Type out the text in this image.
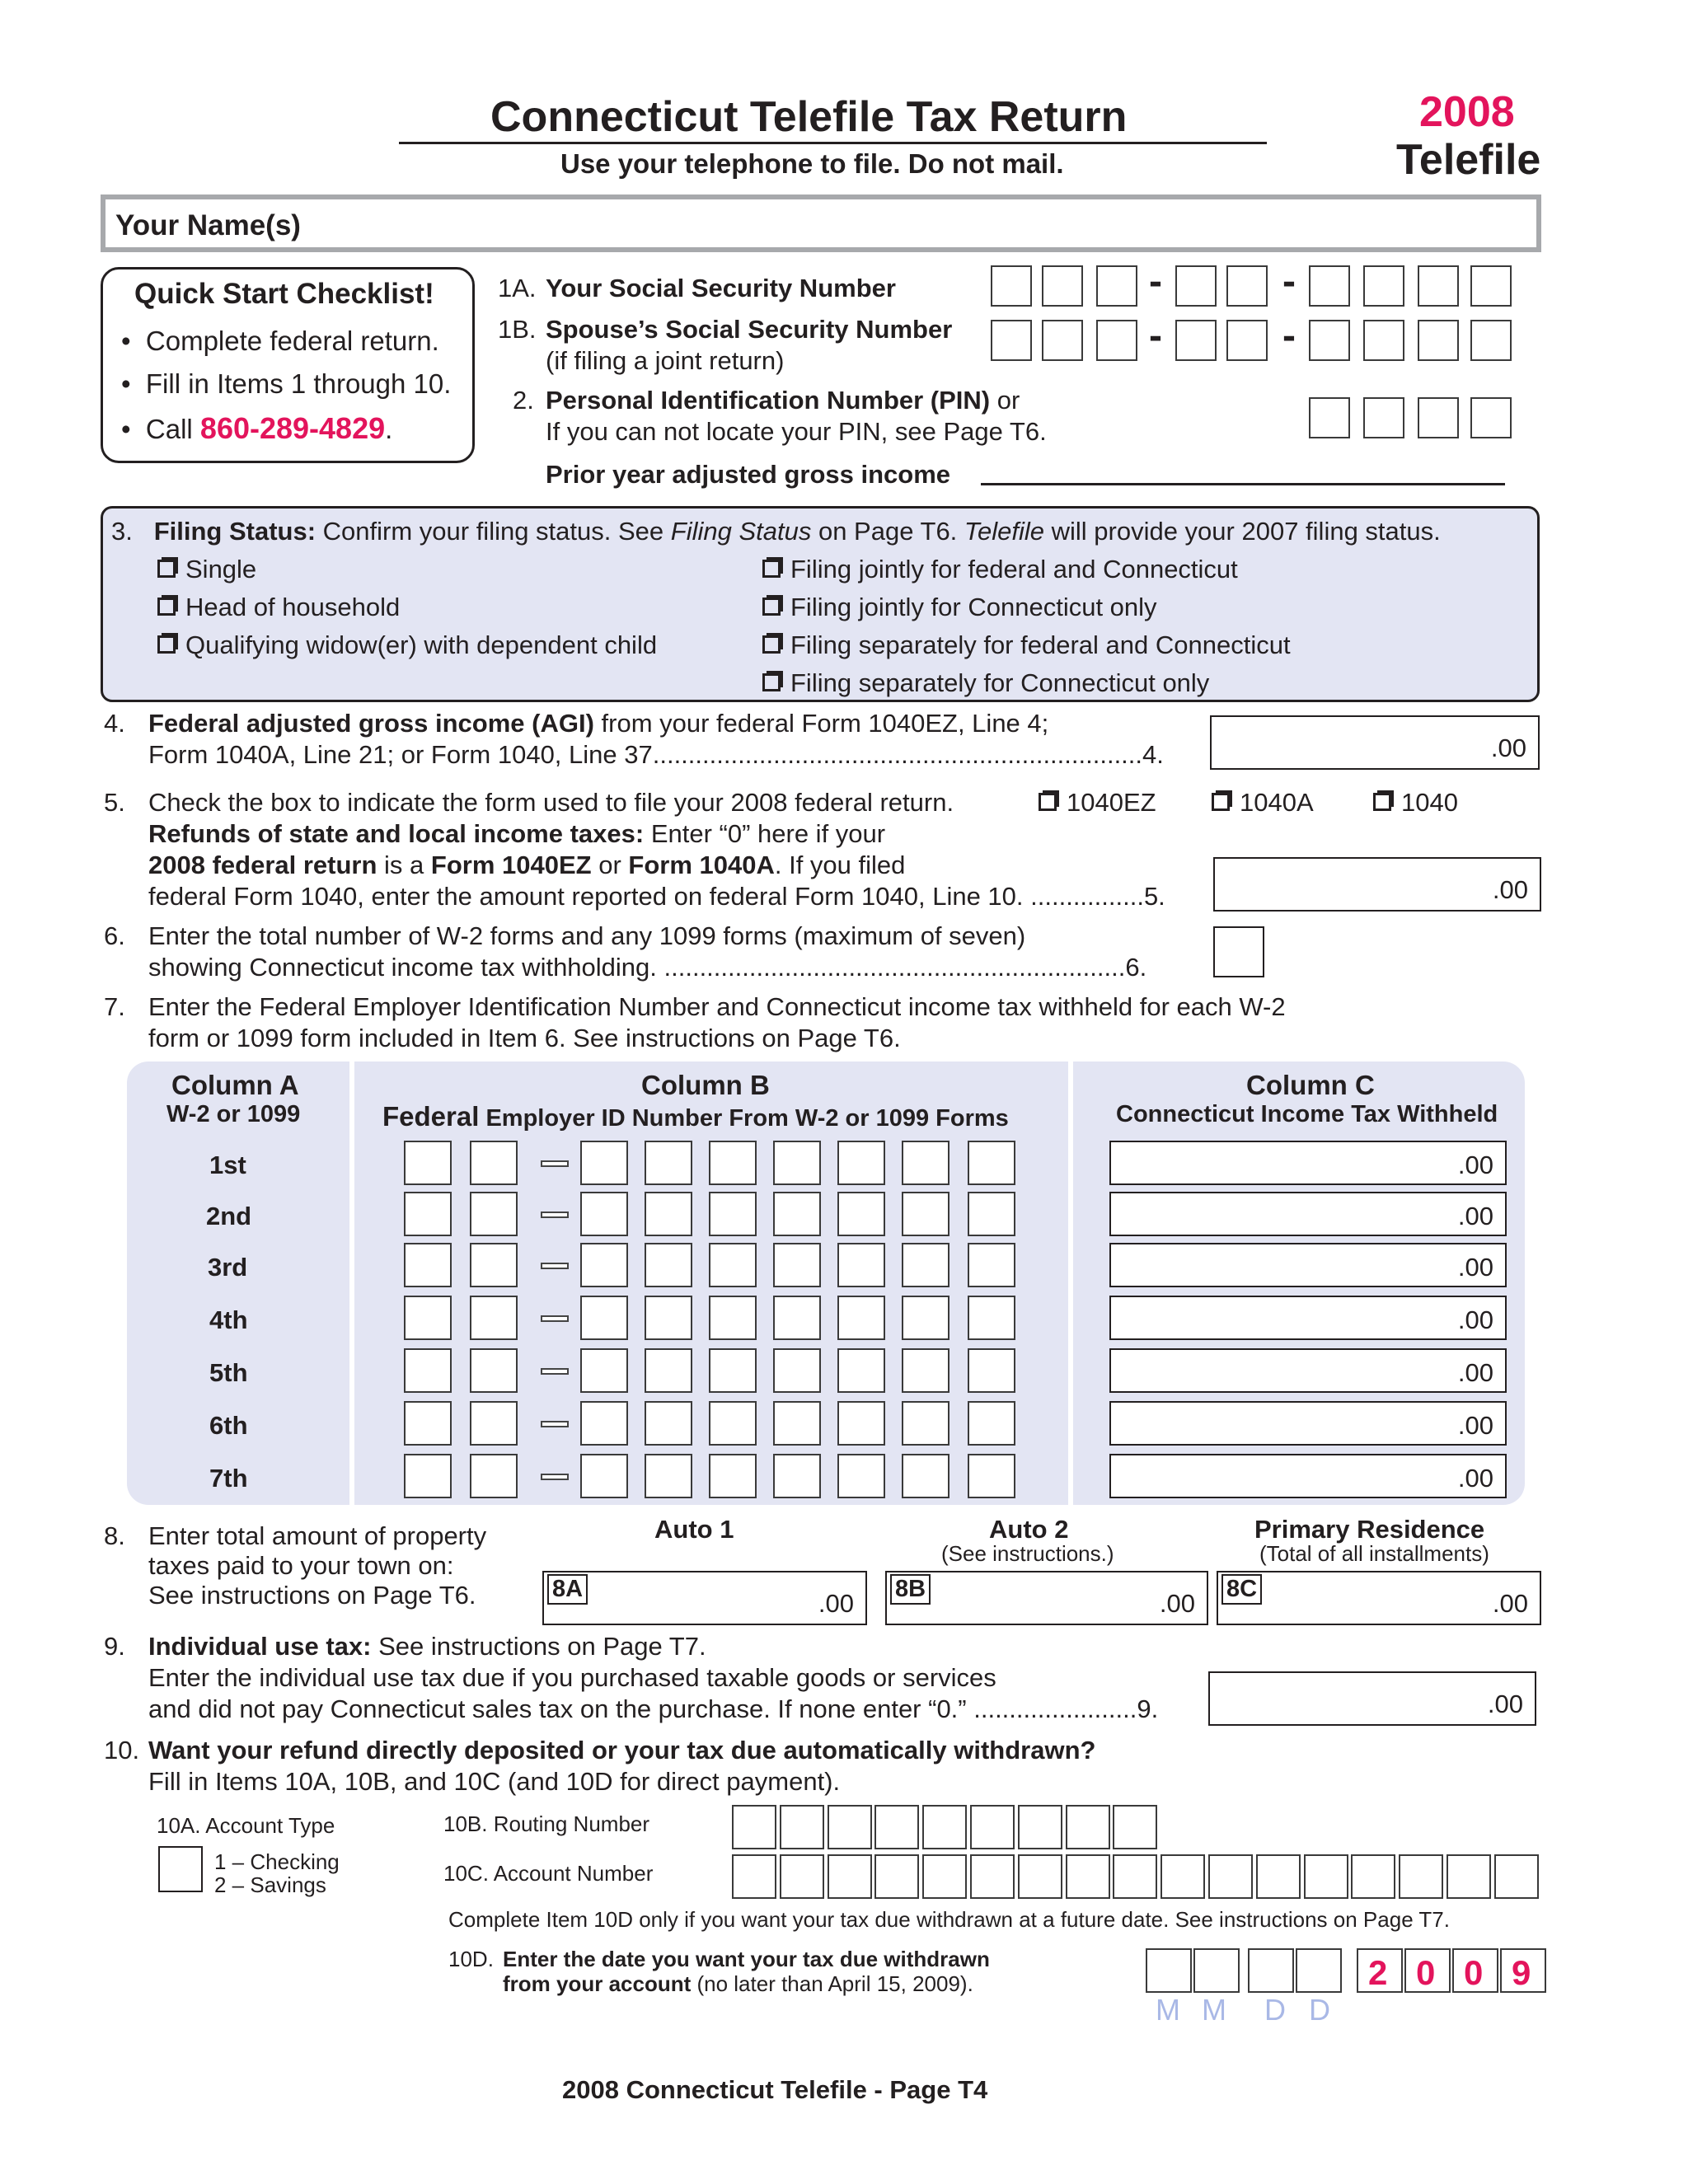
Connecticut Telefile Tax Return
Use your telephone to file. Do not mail.
2008
Telefile
Your Name(s)
Quick Start Checklist!
•  Complete federal return.
•  Fill in Items 1 through 10.
•  Call 860-289-4829.
1A. Your Social Security Number
1B. Spouse’s Social Security Number
(if filing a joint return)
2. Personal Identification Number (PIN) or
If you can not locate your PIN, see Page T6.
Prior year adjusted gross income
-	-
-	-
3. Filing Status: Confirm your filing status. See Filing Status on Page T6. Telefile will provide your 2007 filing status.
Single
Head of household
Qualifying widow(er) with dependent child
Filing jointly for federal and Connecticut
Filing jointly for Connecticut only
Filing separately for federal and Connecticut
Filing separately for Connecticut only
4. Federal adjusted gross income (AGI) from your federal Form 1040EZ, Line 4;
Form 1040A, Line 21; or Form 1040, Line 37.....................................................................4.	.00
5. Check the box to indicate the form used to file your 2008 federal return.	1040EZ	1040A	1040
Refunds of state and local income taxes: Enter “0” here if your
2008 federal return is a Form 1040EZ or Form 1040A. If you filed
federal Form 1040, enter the amount reported on federal Form 1040, Line 10. ................5.	.00
6. Enter the total number of W-2 forms and any 1099 forms (maximum of seven)
showing Connecticut income tax withholding. .................................................................6.
7. Enter the Federal Employer Identification Number and Connecticut income tax withheld for each W-2
form or 1099 form included in Item 6. See instructions on Page T6.
Column A
W-2 or 1099
Column B
Federal Employer ID Number From W-2 or 1099 Forms
Column C
Connecticut Income Tax Withheld
1st	.00
2nd	.00
3rd	.00
4th	.00
5th	.00
6th	.00
7th	.00
8. Enter total amount of property
taxes paid to your town on:
See instructions on Page T6.
Auto 1	Auto 2
(See instructions.)
Primary Residence
(Total of all installments)
8A	.00 8B	.00 8C	.00
9. Individual use tax: See instructions on Page T7.
Enter the individual use tax due if you purchased taxable goods or services
and did not pay Connecticut sales tax on the purchase. If none enter “0.” .......................9.	.00
10. Want your refund directly deposited or your tax due automatically withdrawn?
Fill in Items 10A, 10B, and 10C (and 10D for direct payment).
10A. Account Type
1 – Checking
2 – Savings
10B. Routing Number
10C. Account Number
Complete Item 10D only if you want your tax due withdrawn at a future date. See instructions on Page T7.
10D. Enter the date you want your tax due withdrawn
from your account (no later than April 15, 2009).	2 0 0 9
M M D D
2008 Connecticut Telefile - Page T4
